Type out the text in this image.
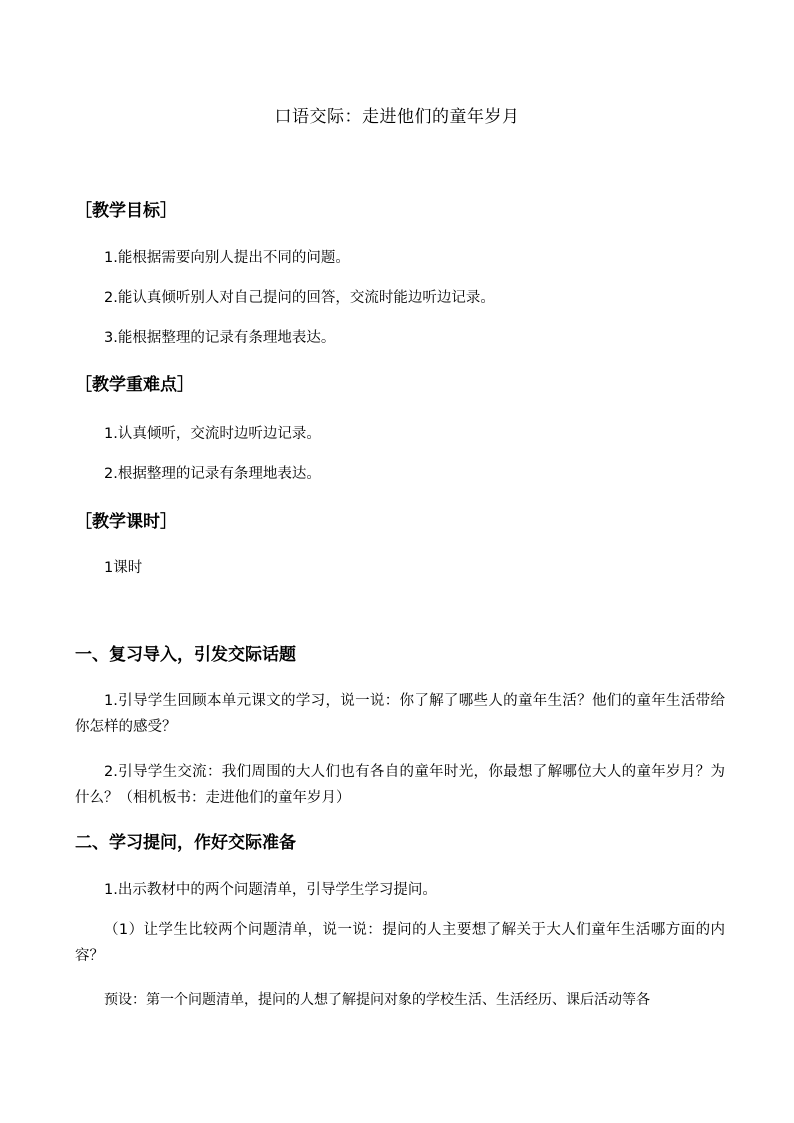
口语交际：走进他们的童年岁月
［教学目标］
1.能根据需要向别人提出不同的问题。
2.能认真倾听别人对自己提问的回答，交流时能边听边记录。
3.能根据整理的记录有条理地表达。
［教学重难点］
1.认真倾听，交流时边听边记录。
2.根据整理的记录有条理地表达。
［教学课时］
1课时
一、复习导入，引发交际话题
1.引导学生回顾本单元课文的学习，说一说：你了解了哪些人的童年生活？他们的童年生活带给你怎样的感受？
2.引导学生交流：我们周围的大人们也有各自的童年时光，你最想了解哪位大人的童年岁月？为什么？（相机板书：走进他们的童年岁月）
二、学习提问，作好交际准备
1.出示教材中的两个问题清单，引导学生学习提问。
（1）让学生比较两个问题清单，说一说：提问的人主要想了解关于大人们童年生活哪方面的内容？
预设：第一个问题清单，提问的人想了解提问对象的学校生活、生活经历、课后活动等各
